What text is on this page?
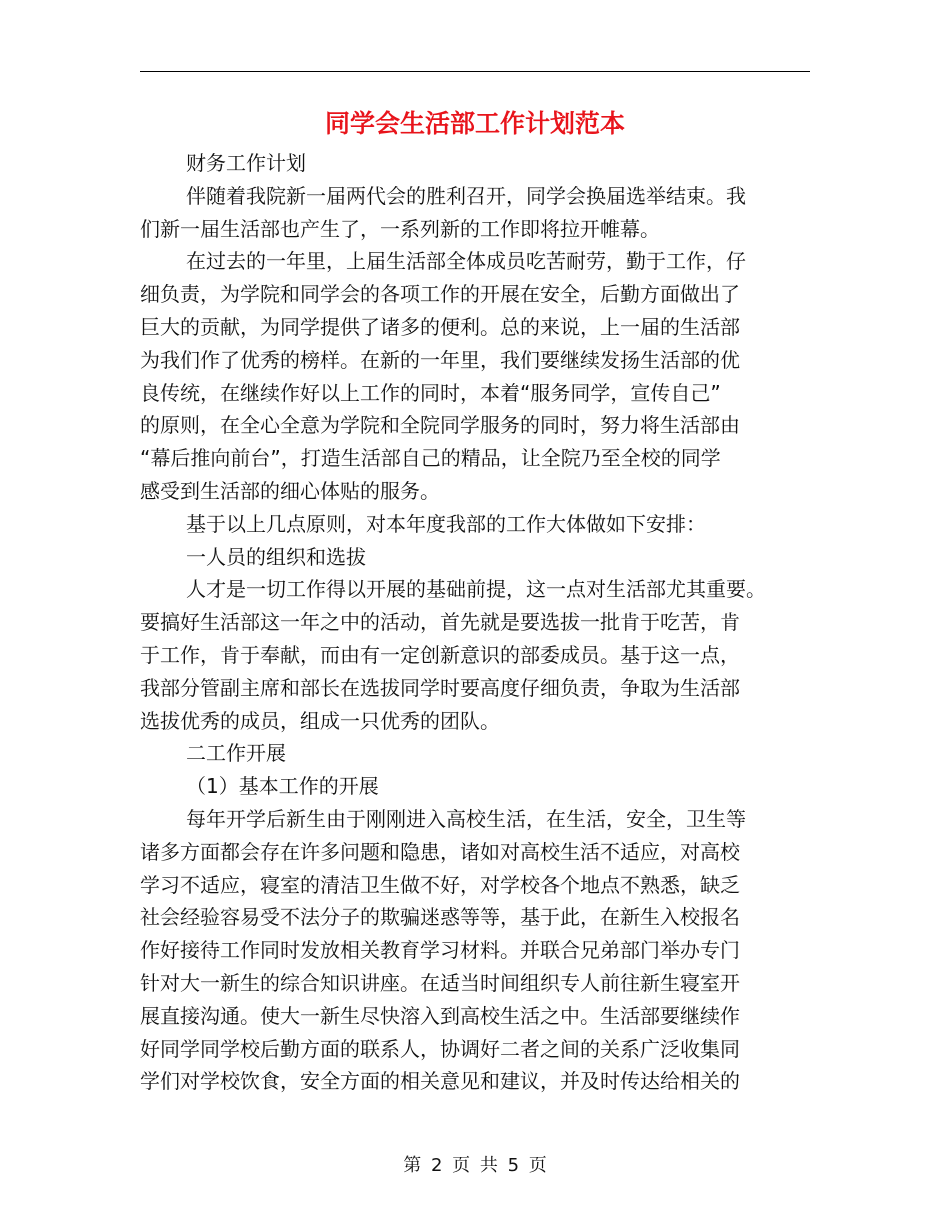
同学会生活部工作计划范本

财务工作计划

伴随着我院新一届两代会的胜利召开，同学会换届选举结束。我

们新一届生活部也产生了，一系列新的工作即将拉开帷幕。

在过去的一年里，上届生活部全体成员吃苦耐劳，勤于工作，仔

细负责，为学院和同学会的各项工作的开展在安全，后勤方面做出了

巨大的贡献，为同学提供了诸多的便利。总的来说，上一届的生活部

为我们作了优秀的榜样。在新的一年里，我们要继续发扬生活部的优

良传统，在继续作好以上工作的同时，本着“服务同学，宣传自己”

的原则，在全心全意为学院和全院同学服务的同时，努力将生活部由

“幕后推向前台”，打造生活部自己的精品，让全院乃至全校的同学

感受到生活部的细心体贴的服务。

基于以上几点原则，对本年度我部的工作大体做如下安排：

一人员的组织和选拔

人才是一切工作得以开展的基础前提，这一点对生活部尤其重要。

要搞好生活部这一年之中的活动，首先就是要选拔一批肯于吃苦，肯

于工作，肯于奉献，而由有一定创新意识的部委成员。基于这一点，

我部分管副主席和部长在选拔同学时要高度仔细负责，争取为生活部

选拔优秀的成员，组成一只优秀的团队。

二工作开展

（1）基本工作的开展

每年开学后新生由于刚刚进入高校生活，在生活，安全，卫生等

诸多方面都会存在许多问题和隐患，诸如对高校生活不适应，对高校

学习不适应，寝室的清洁卫生做不好，对学校各个地点不熟悉，缺乏

社会经验容易受不法分子的欺骗迷惑等等，基于此，在新生入校报名

作好接待工作同时发放相关教育学习材料。并联合兄弟部门举办专门

针对大一新生的综合知识讲座。在适当时间组织专人前往新生寝室开

展直接沟通。使大一新生尽快溶入到高校生活之中。生活部要继续作

好同学同学校后勤方面的联系人，协调好二者之间的关系广泛收集同

学们对学校饮食，安全方面的相关意见和建议，并及时传达给相关的

第 2 页 共 5 页
